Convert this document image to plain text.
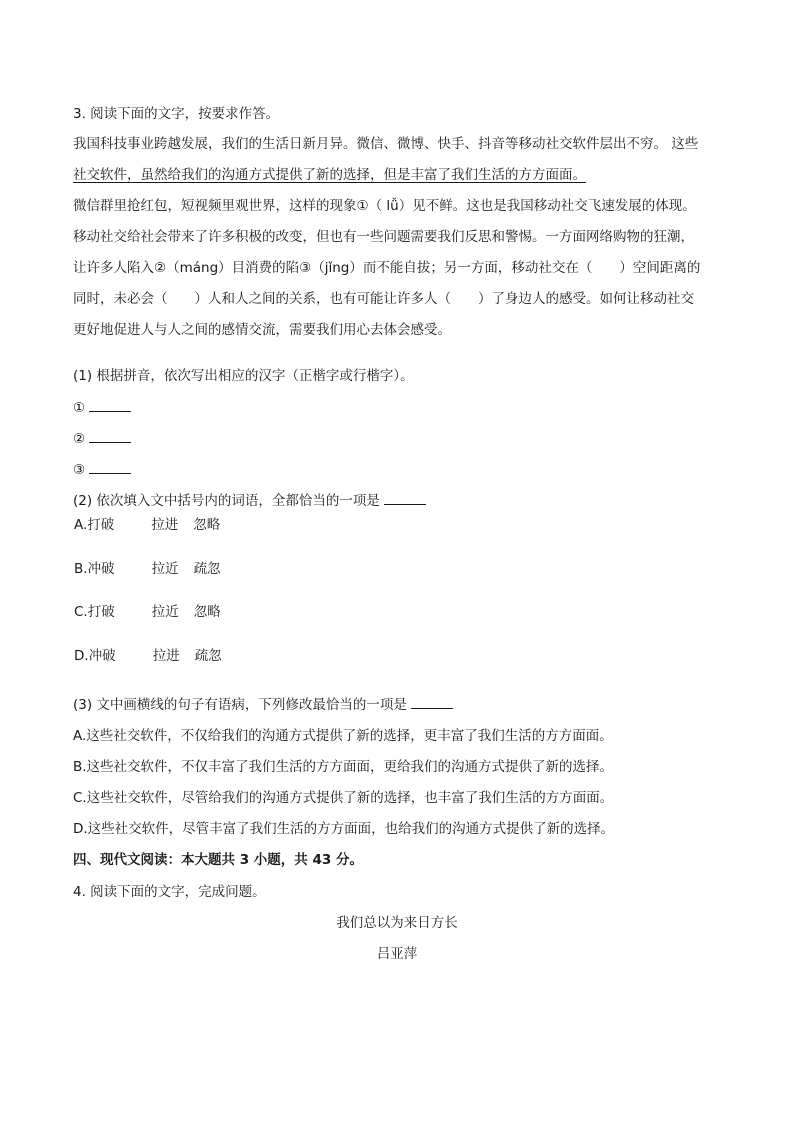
3. 阅读下面的文字，按要求作答。
我国科技事业跨越发展，我们的生活日新月异。微信、微博、快手、抖音等移动社交软件层出不穷。 这些
社交软件，虽然给我们的沟通方式提供了新的选择，但是丰富了我们生活的方方面面。
微信群里抢红包，短视频里观世界，这样的现象①（ lǚ）见不鲜。这也是我国移动社交飞速发展的体现。
移动社交给社会带来了许多积极的改变，但也有一些问题需要我们反思和警惕。一方面网络购物的狂潮，
让许多人陷入②（máng）目消费的陷③（jǐng）而不能自拔；另一方面，移动社交在（　　）空间距离的
同时，未必会（　　）人和人之间的关系，也有可能让许多人（　　）了身边人的感受。如何让移动社交
更好地促进人与人之间的感情交流，需要我们用心去体会感受。
(1) 根据拼音，依次写出相应的汉字（正楷字或行楷字）。
①
②
③
(2) 依次填入文中括号内的词语，全都恰当的一项是
A.打破	拉进 忽略
B.冲破	拉近 疏忽
C.打破	拉近 忽略
D.冲破	拉进 疏忽
(3) 文中画横线的句子有语病，下列修改最恰当的一项是
A.这些社交软件，不仅给我们的沟通方式提供了新的选择，更丰富了我们生活的方方面面。
B.这些社交软件，不仅丰富了我们生活的方方面面，更给我们的沟通方式提供了新的选择。
C.这些社交软件，尽管给我们的沟通方式提供了新的选择，也丰富了我们生活的方方面面。
D.这些社交软件，尽管丰富了我们生活的方方面面，也给我们的沟通方式提供了新的选择。
四、现代文阅读：本大题共 3 小题，共 43 分。
4. 阅读下面的文字，完成问题。
我们总以为来日方长
吕亚萍
